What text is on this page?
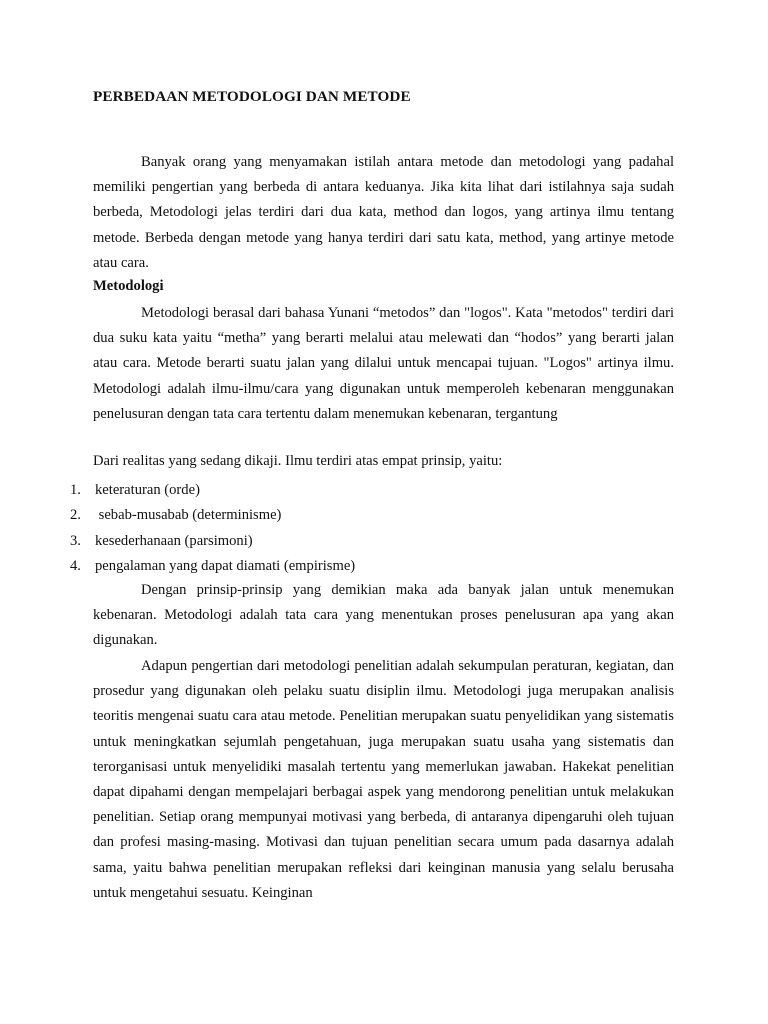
PERBEDAAN METODOLOGI DAN METODE

Banyak orang yang menyamakan istilah antara metode dan metodologi yang padahal memiliki pengertian yang berbeda di antara keduanya. Jika kita lihat dari istilahnya saja sudah berbeda, Metodologi jelas terdiri dari dua kata, method dan logos, yang artinya ilmu tentang metode. Berbeda dengan metode yang hanya terdiri dari satu kata, method, yang artinye metode atau cara.

Metodologi

Metodologi berasal dari bahasa Yunani “metodos” dan "logos". Kata "metodos" terdiri dari dua suku kata yaitu “metha” yang berarti melalui atau melewati dan “hodos” yang berarti jalan atau cara. Metode berarti suatu jalan yang dilalui untuk mencapai tujuan. "Logos" artinya ilmu. Metodologi adalah ilmu-ilmu/cara yang digunakan untuk memperoleh kebenaran menggunakan penelusuran dengan tata cara tertentu dalam menemukan kebenaran, tergantung

Dari realitas yang sedang dikaji. Ilmu terdiri atas empat prinsip, yaitu:
1. keteraturan (orde)
2. sebab-musabab (determinisme)
3. kesederhanaan (parsimoni)
4. pengalaman yang dapat diamati (empirisme)

Dengan prinsip-prinsip yang demikian maka ada banyak jalan untuk menemukan kebenaran. Metodologi adalah tata cara yang menentukan proses penelusuran apa yang akan digunakan.

Adapun pengertian dari metodologi penelitian adalah sekumpulan peraturan, kegiatan, dan prosedur yang digunakan oleh pelaku suatu disiplin ilmu. Metodologi juga merupakan analisis teoritis mengenai suatu cara atau metode. Penelitian merupakan suatu penyelidikan yang sistematis untuk meningkatkan sejumlah pengetahuan, juga merupakan suatu usaha yang sistematis dan terorganisasi untuk menyelidiki masalah tertentu yang memerlukan jawaban. Hakekat penelitian dapat dipahami dengan mempelajari berbagai aspek yang mendorong penelitian untuk melakukan penelitian. Setiap orang mempunyai motivasi yang berbeda, di antaranya dipengaruhi oleh tujuan dan profesi masing-masing. Motivasi dan tujuan penelitian secara umum pada dasarnya adalah sama, yaitu bahwa penelitian merupakan refleksi dari keinginan manusia yang selalu berusaha untuk mengetahui sesuatu. Keinginan
